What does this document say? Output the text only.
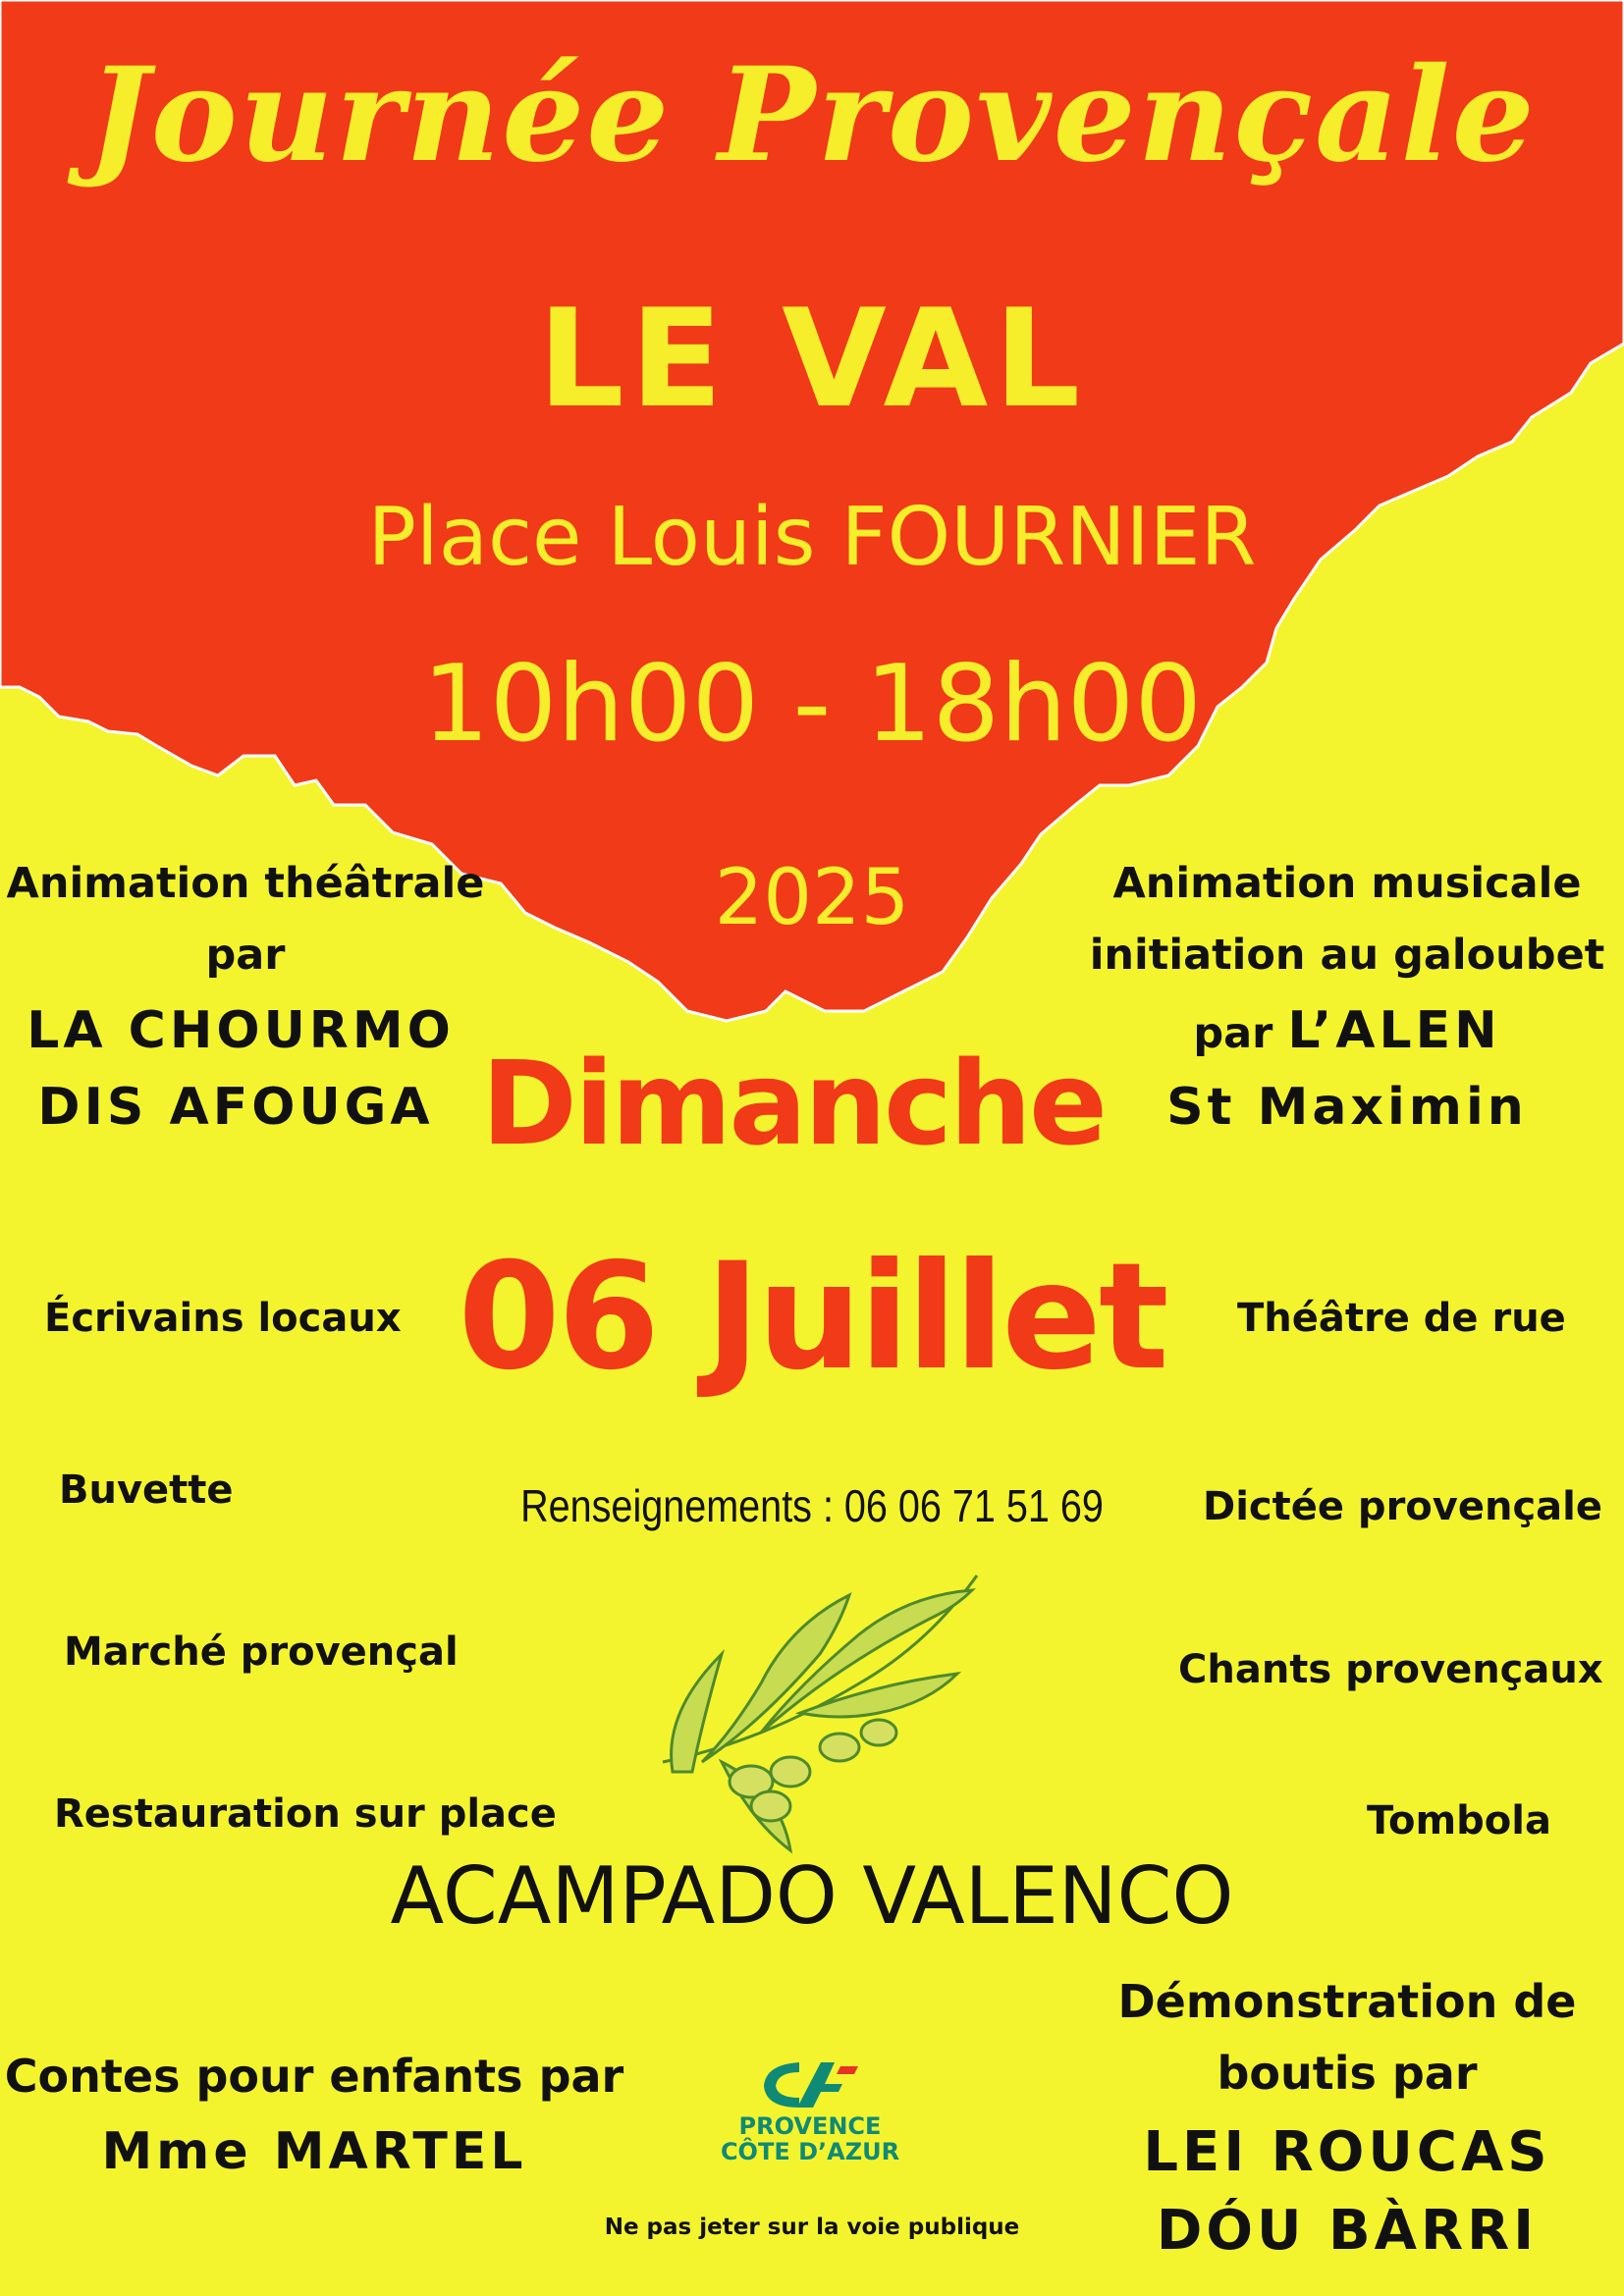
Journée Provençale
LE VAL
Place Louis FOURNIER
10h00 - 18h00
2025
Dimanche
06 Juillet
Animation théâtrale
par
LA CHOURMO
DIS AFOUGA
Écrivains locaux
Buvette
Marché provençal
Restauration sur place
Contes pour enfants par
Mme MARTEL
Animation musicale
initiation au galoubet
par L’ALEN
St Maximin
Théâtre de rue
Dictée provençale
Chants provençaux
Tombola
Démonstration de
boutis par
LEI ROUCAS
DÓU BÀRRI
Renseignements : 06 06 71 51 69
ACAMPADO VALENCO
PROVENCE
CÔTE D’AZUR
Ne pas jeter sur la voie publique
